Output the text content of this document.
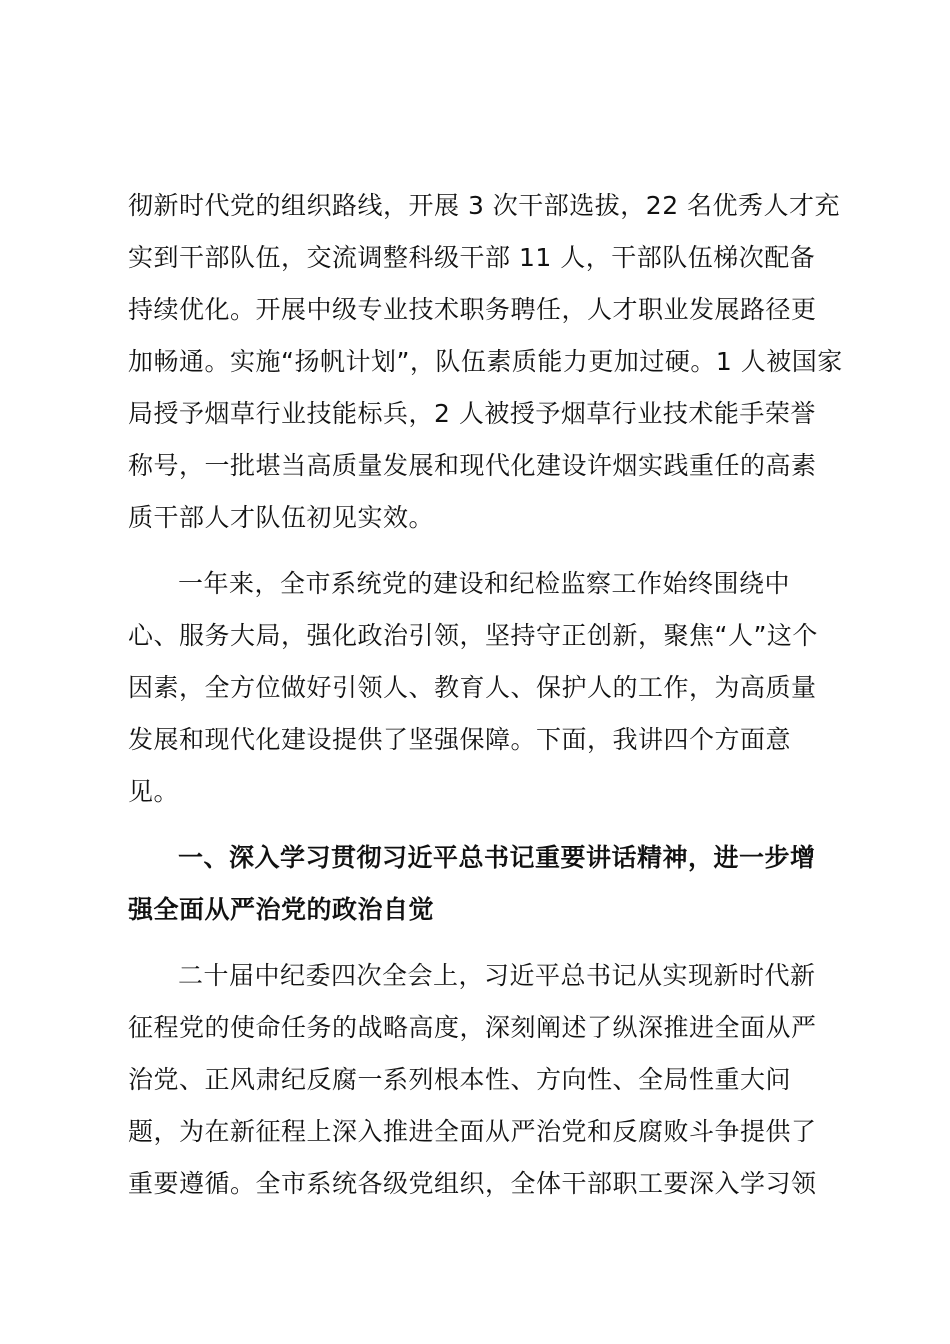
彻新时代党的组织路线，开展 3 次干部选拔，22 名优秀人才充
实到干部队伍，交流调整科级干部 11 人，干部队伍梯次配备
持续优化。开展中级专业技术职务聘任，人才职业发展路径更
加畅通。实施“扬帆计划”，队伍素质能力更加过硬。1 人被国家
局授予烟草行业技能标兵，2 人被授予烟草行业技术能手荣誉
称号，一批堪当高质量发展和现代化建设许烟实践重任的高素
质干部人才队伍初见实效。
一年来，全市系统党的建设和纪检监察工作始终围绕中
心、服务大局，强化政治引领，坚持守正创新，聚焦“人”这个
因素，全方位做好引领人、教育人、保护人的工作，为高质量
发展和现代化建设提供了坚强保障。下面，我讲四个方面意
见。
一、深入学习贯彻习近平总书记重要讲话精神，进一步增
强全面从严治党的政治自觉
二十届中纪委四次全会上，习近平总书记从实现新时代新
征程党的使命任务的战略高度，深刻阐述了纵深推进全面从严
治党、正风肃纪反腐一系列根本性、方向性、全局性重大问
题，为在新征程上深入推进全面从严治党和反腐败斗争提供了
重要遵循。全市系统各级党组织，全体干部职工要深入学习领
